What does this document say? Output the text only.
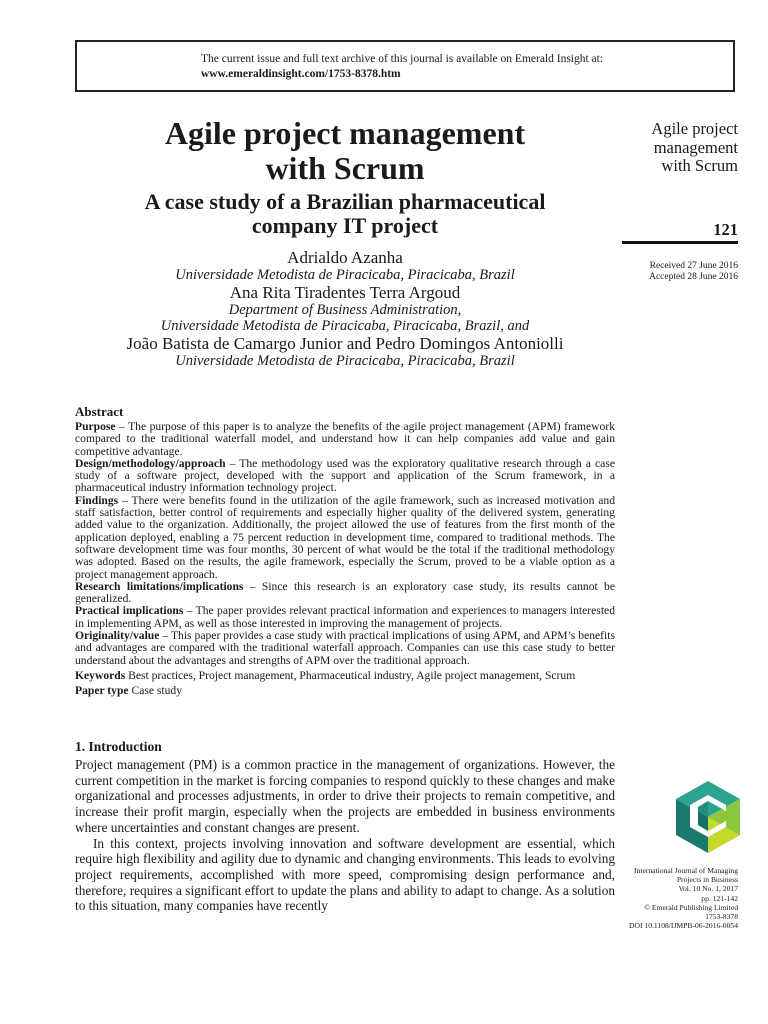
The current issue and full text archive of this journal is available on Emerald Insight at:
www.emeraldinsight.com/1753-8378.htm
Agile project management
with Scrum
A case study of a Brazilian pharmaceutical
company IT project
Adrialdo Azanha
Universidade Metodista de Piracicaba, Piracicaba, Brazil
Ana Rita Tiradentes Terra Argoud
Department of Business Administration,
Universidade Metodista de Piracicaba, Piracicaba, Brazil, and
João Batista de Camargo Junior and Pedro Domingos Antoniolli
Universidade Metodista de Piracicaba, Piracicaba, Brazil
Agile project
management
with Scrum
121
Received 27 June 2016
Accepted 28 June 2016
Abstract

Purpose – The purpose of this paper is to analyze the benefits of the agile project management (APM) framework compared to the traditional waterfall model, and understand how it can help companies add value and gain competitive advantage.

Design/methodology/approach – The methodology used was the exploratory qualitative research through a case study of a software project, developed with the support and application of the Scrum framework, in a pharmaceutical industry information technology project.

Findings – There were benefits found in the utilization of the agile framework, such as increased motivation and staff satisfaction, better control of requirements and especially higher quality of the delivered system, generating added value to the organization. Additionally, the project allowed the use of features from the first month of the application deployed, enabling a 75 percent reduction in development time, compared to traditional methods. The software development time was four months, 30 percent of what would be the total if the traditional methodology was adopted. Based on the results, the agile framework, especially the Scrum, proved to be a viable option as a project management approach.

Research limitations/implications – Since this research is an exploratory case study, its results cannot be generalized.

Practical implications – The paper provides relevant practical information and experiences to managers interested in implementing APM, as well as those interested in improving the management of projects.

Originality/value – This paper provides a case study with practical implications of using APM, and APM’s benefits and advantages are compared with the traditional waterfall approach. Companies can use this case study to better understand about the advantages and strengths of APM over the traditional approach.

Keywords Best practices, Project management, Pharmaceutical industry, Agile project management, Scrum

Paper type Case study

1. Introduction

Project management (PM) is a common practice in the management of organizations. However, the current competition in the market is forcing companies to respond quickly to these changes and make organizational and processes adjustments, in order to drive their projects to remain competitive, and increase their profit margin, especially when the projects are embedded in business environments where uncertainties and constant changes are present.

In this context, projects involving innovation and software development are essential, which require high flexibility and agility due to dynamic and changing environments. This leads to evolving project requirements, accomplished with more speed, compromising design performance and, therefore, requires a significant effort to update the plans and ability to adapt to change. As a solution to this situation, many companies have recently

International Journal of Managing
Projects in Business
Vol. 10 No. 1, 2017
pp. 121-142
© Emerald Publishing Limited
1753-8378
DOI 10.1108/IJMPB-06-2016-0054
